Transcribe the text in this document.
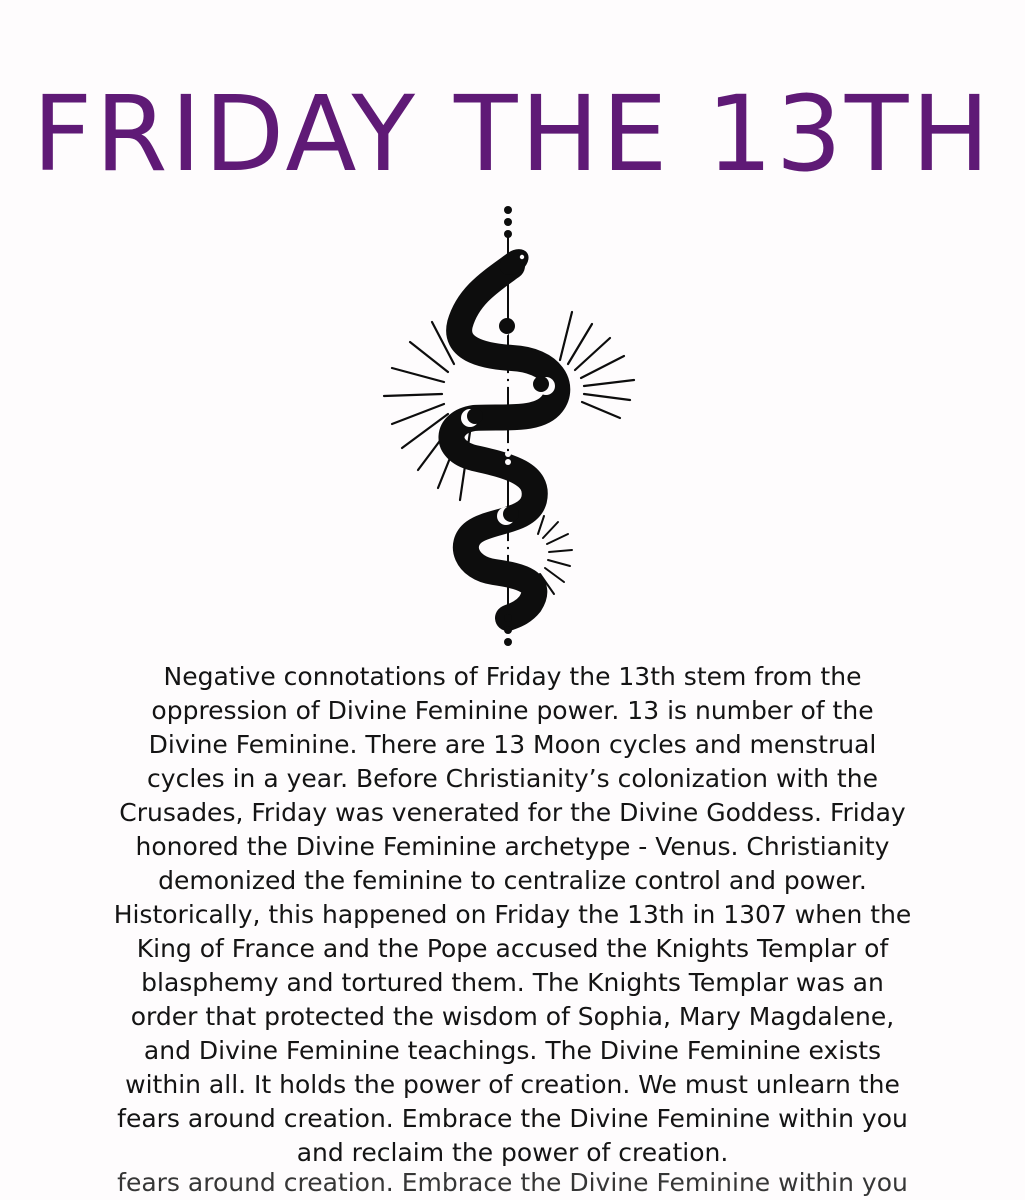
FRIDAY THE 13TH
Negative connotations of Friday the 13th stem from the
oppression of Divine Feminine power. 13 is number of the
Divine Feminine. There are 13 Moon cycles and menstrual
cycles in a year. Before Christianity’s colonization with the
Crusades, Friday was venerated for the Divine Goddess. Friday
honored the Divine Feminine archetype - Venus. Christianity
demonized the feminine to centralize control and power.
Historically, this happened on Friday the 13th in 1307 when the
King of France and the Pope accused the Knights Templar of
blasphemy and tortured them. The Knights Templar was an
order that protected the wisdom of Sophia, Mary Magdalene,
and Divine Feminine teachings. The Divine Feminine exists
within all. It holds the power of creation. We must unlearn the
fears around creation. Embrace the Divine Feminine within you
and reclaim the power of creation.
fears around creation. Embrace the Divine Feminine within you
